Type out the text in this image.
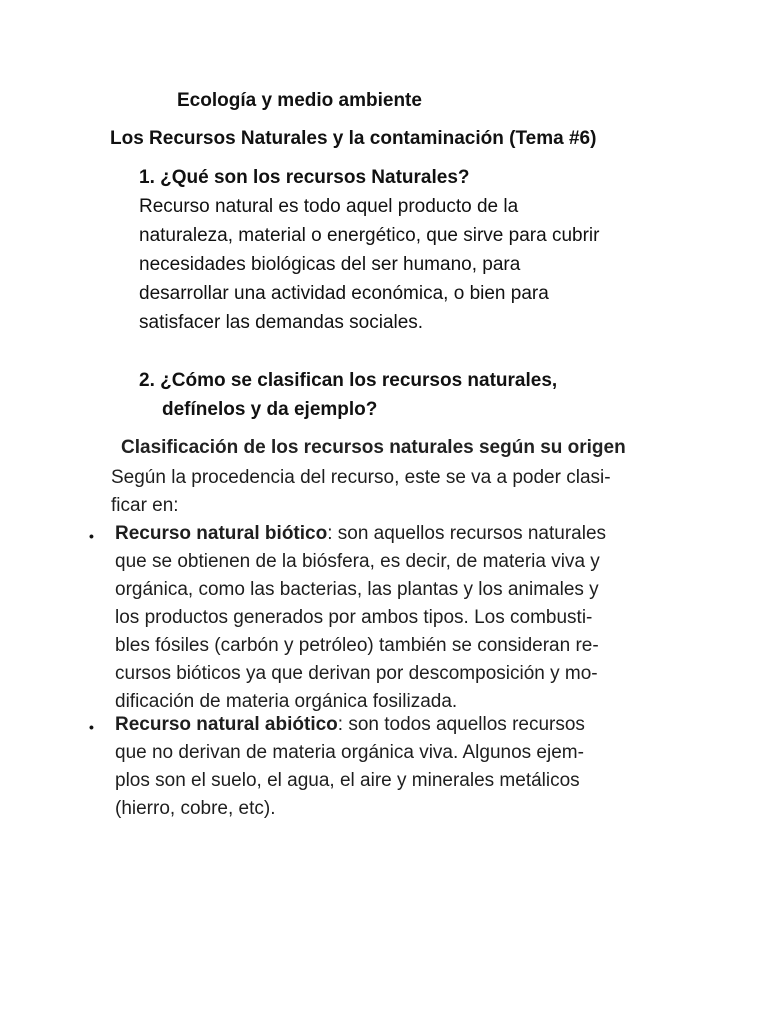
Ecología y medio ambiente
Los Recursos Naturales y la contaminación (Tema #6)
1. ¿Qué son los recursos Naturales?
Recurso natural es todo aquel producto de la
naturaleza, material o energético, que sirve para cubrir
necesidades biológicas del ser humano, para
desarrollar una actividad económica, o bien para
satisfacer las demandas sociales.
2. ¿Cómo se clasifican los recursos naturales,
defínelos y da ejemplo?
Clasificación de los recursos naturales según su origen
Según la procedencia del recurso, este se va a poder clasi-
ficar en:
• Recurso natural biótico: son aquellos recursos naturales
que se obtienen de la biósfera, es decir, de materia viva y
orgánica, como las bacterias, las plantas y los animales y
los productos generados por ambos tipos. Los combusti-
bles fósiles (carbón y petróleo) también se consideran re-
cursos bióticos ya que derivan por descomposición y mo-
dificación de materia orgánica fosilizada.
• Recurso natural abiótico: son todos aquellos recursos
que no derivan de materia orgánica viva. Algunos ejem-
plos son el suelo, el agua, el aire y minerales metálicos
(hierro, cobre, etc).
